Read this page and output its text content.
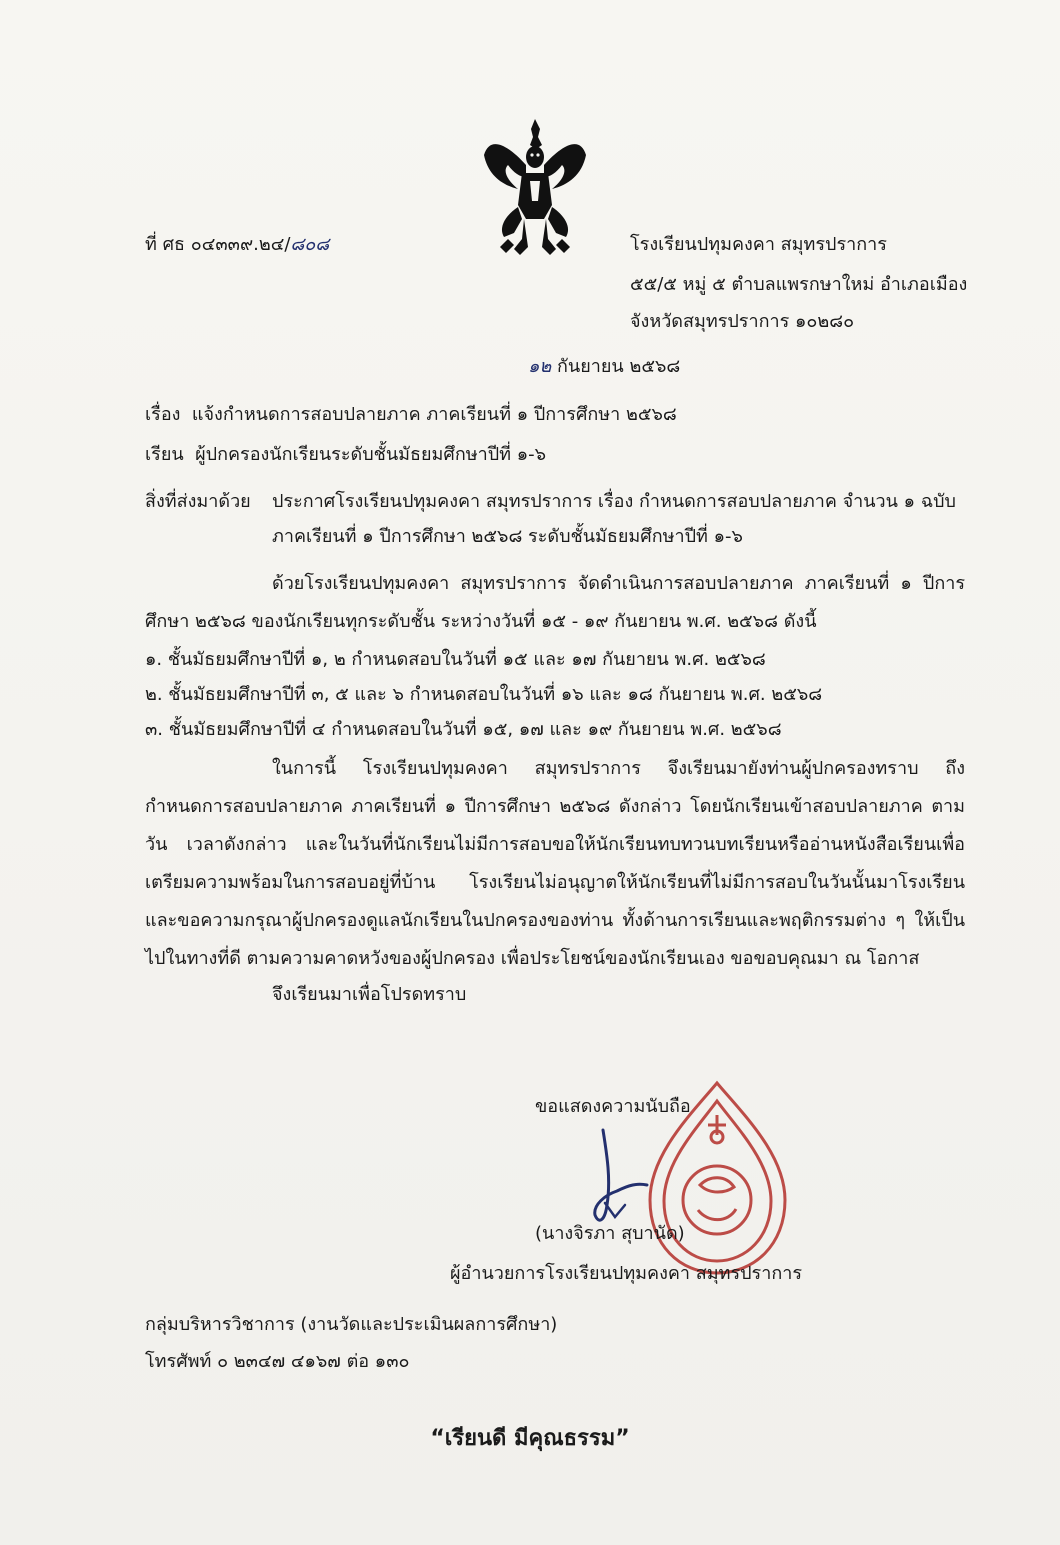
ที่ ศธ ๐๔๓๓๙.๒๔/๘๐๘	โรงเรียนปทุมคงคา สมุทรปราการ
๕๕/๕ หมู่ ๕ ตำบลแพรกษาใหม่ อำเภอเมือง
จังหวัดสมุทรปราการ ๑๐๒๘๐
๑๒ กันยายน ๒๕๖๘
เรื่อง แจ้งกำหนดการสอบปลายภาค ภาคเรียนที่ ๑ ปีการศึกษา ๒๕๖๘
เรียน ผู้ปกครองนักเรียนระดับชั้นมัธยมศึกษาปีที่ ๑-๖
สิ่งที่ส่งมาด้วย ประกาศโรงเรียนปทุมคงคา สมุทรปราการ เรื่อง กำหนดการสอบปลายภาค จำนวน ๑ ฉบับ
ภาคเรียนที่ ๑ ปีการศึกษา ๒๕๖๘ ระดับชั้นมัธยมศึกษาปีที่ ๑-๖
ด้วยโรงเรียนปทุมคงคา สมุทรปราการ จัดดำเนินการสอบปลายภาค ภาคเรียนที่ ๑ ปีการศึกษา ๒๕๖๘ ของนักเรียนทุกระดับชั้น ระหว่างวันที่ ๑๕ - ๑๙ กันยายน พ.ศ. ๒๕๖๘ ดังนี้
๑. ชั้นมัธยมศึกษาปีที่ ๑, ๒ กำหนดสอบในวันที่ ๑๕ และ ๑๗ กันยายน พ.ศ. ๒๕๖๘
๒. ชั้นมัธยมศึกษาปีที่ ๓, ๕ และ ๖ กำหนดสอบในวันที่ ๑๖ และ ๑๘ กันยายน พ.ศ. ๒๕๖๘
๓. ชั้นมัธยมศึกษาปีที่ ๔ กำหนดสอบในวันที่ ๑๕, ๑๗ และ ๑๙ กันยายน พ.ศ. ๒๕๖๘
ในการนี้ โรงเรียนปทุมคงคา สมุทรปราการ จึงเรียนมายังท่านผู้ปกครองทราบ ถึงกำหนดการสอบปลายภาค ภาคเรียนที่ ๑ ปีการศึกษา ๒๕๖๘ ดังกล่าว โดยนักเรียนเข้าสอบปลายภาค ตามวัน เวลาดังกล่าว และในวันที่นักเรียนไม่มีการสอบขอให้นักเรียนทบทวนบทเรียนหรืออ่านหนังสือเรียนเพื่อเตรียมความพร้อมในการสอบอยู่ที่บ้าน โรงเรียนไม่อนุญาตให้นักเรียนที่ไม่มีการสอบในวันนั้นมาโรงเรียน และขอความกรุณาผู้ปกครองดูแลนักเรียนในปกครองของท่าน ทั้งด้านการเรียนและพฤติกรรมต่าง ๆ ให้เป็นไปในทางที่ดี ตามความคาดหวังของผู้ปกครอง เพื่อประโยชน์ของนักเรียนเอง ขอขอบคุณมา ณ โอกาส
จึงเรียนมาเพื่อโปรดทราบ
ขอแสดงความนับถือ
(นางจิรภา สุบานัด)
ผู้อำนวยการโรงเรียนปทุมคงคา สมุทรปราการ
กลุ่มบริหารวิชาการ (งานวัดและประเมินผลการศึกษา)
โทรศัพท์ ๐ ๒๓๔๗ ๔๑๖๗ ต่อ ๑๓๐
“เรียนดี มีคุณธรรม”
